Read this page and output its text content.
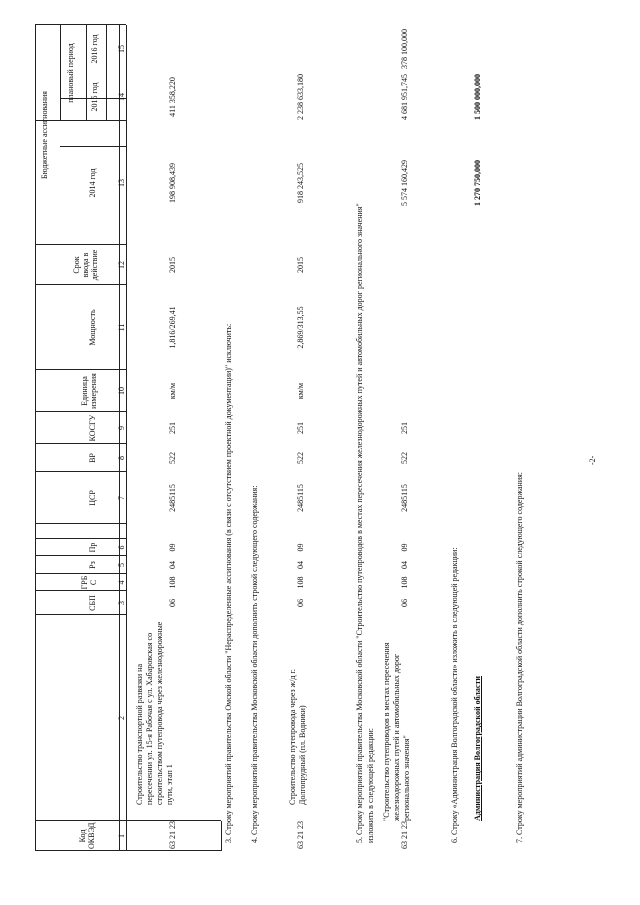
Код ОКВЭД
СБП
ГРБ С
Рз
Пр
ЦСР
ВР
КОСГУ
Единица измерения
Мощность
Срок ввода в действие
Бюджетные ассигнования
2014 год
плановый период 2015 год
2016 год
1
2
3
4
5
6
7
8
9
10
11
12
13
14
15
63 21 23
Строительство транспортной развязки на пересечении ул. 15-я Рабочая с ул. Хабаровская со строительством путепровода через железнодорожные пути, этап 1
06
108
04
09
2485115
522
251
км/м
1,816/269,41
2015
198 908,439
411 358,220
3. Строку мероприятий правительства Омской области "Нераспределенные ассигнования (в связи с отсутствием проектной документации)" исключить: 4. Строку мероприятий правительства Московской области дополнить строкой следующего содержания:	63 21 23
Строительство путепровода через ж/д г. Долгопрудный (пл. Водники)
06
108
04
09
2485115
522
251
км/м
2,869/313,55
2015
918 243,525
2 238 633,180
5. Строку мероприятий правительства Московской области "Строительство путепроводов в местах пересечения железнодорожных путей и автомобильных дорог регионального значения" изложить в следующей редакции:	63 21 23
"Строительство путепроводов в местах пересечения железнодорожных путей и автомобильных дорог регионального значения"
06
108
04
09
2485115
522
251
5 574 160,429
4 681 951,745
378 100,000
6. Строку «Администрация Волгоградской области» изложить в следующей редакции: Администрация Волгоградской области
1 270 750,000
1 500 000,000
7. Строку мероприятий администрации Волгоградской области дополнить строкой следующего содержания:
-2-
